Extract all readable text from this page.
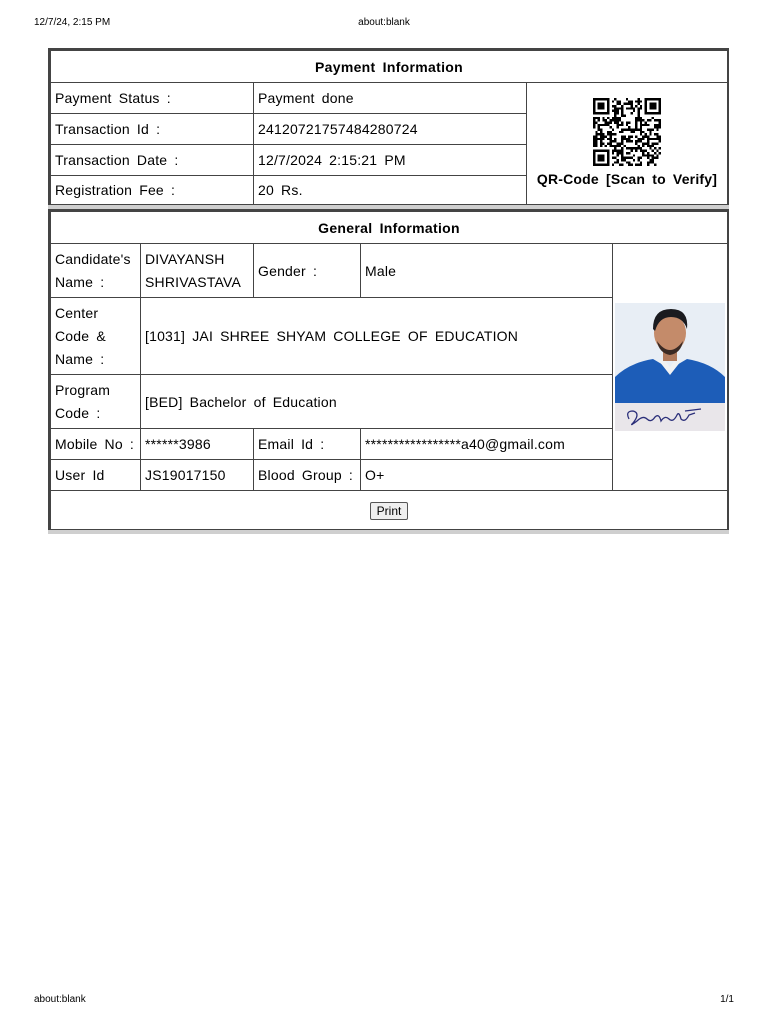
12/7/24, 2:15 PM	about:blank
Payment Information		
Payment Status :	Payment done	QR-Code [Scan to Verify]

Transaction Id :	24120721757484280724	
Transaction Date :	12/7/2024 2:15:21 PM	
Registration Fee :	20 Rs.	
General Information				
Candidate's Name :	DIVAYANSH SHRIVASTAVA	Gender :	Male	

Center Code & Name :	[1031] JAI SHREE SHYAM COLLEGE OF EDUCATION			
Program Code :	[BED] Bachelor of Education			
Mobile No :	******3986	Email Id :	*****************a40@gmail.com	
User Id	JS19017150	Blood Group :	O+	
Print				
about:blank	1/1
